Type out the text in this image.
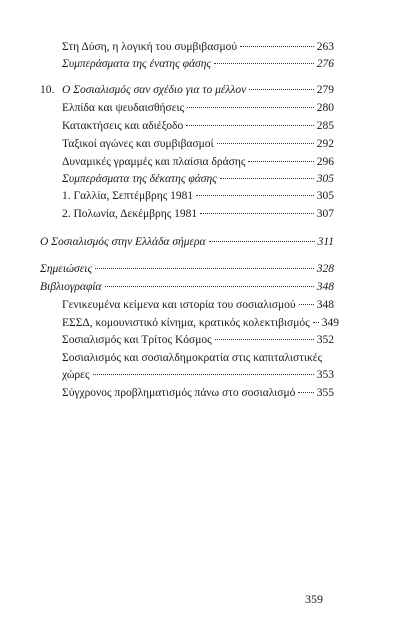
Στη Δύση, η λογική του συμβιβασμού	263
Συμπεράσματα της ένατης φάσης	276
10. Ο Σοσιαλισμός σαν σχέδιο για το μέλλον	279
Ελπίδα και ψευδαισθήσεις	280
Κατακτήσεις και αδιέξοδο	285
Ταξικοί αγώνες και συμβιβασμοί	292
Δυναμικές γραμμές και πλαίσια δράσης	296
Συμπεράσματα της δέκατης φάσης	305
1. Γαλλία, Σεπτέμβρης 1981	305
2. Πολωνία, Δεκέμβρης 1981	307
Ο Σοσιαλισμός στην Ελλάδα σήμερα	311
Σημειώσεις	328
Βιβλιογραφία	348
Γενικευμένα κείμενα και ιστορία του σοσιαλισμού 348
ΕΣΣΔ, κομουνιστικό κίνημα, κρατικός κολεκτιβισμός 349
Σοσιαλισμός και Τρίτος Κόσμος	352
Σοσιαλισμός και σοσιαλδημοκρατία στις καπιταλιστικές
χώρες	353
Σύγχρονος προβληματισμός πάνω στο σοσιαλισμό 355
359
